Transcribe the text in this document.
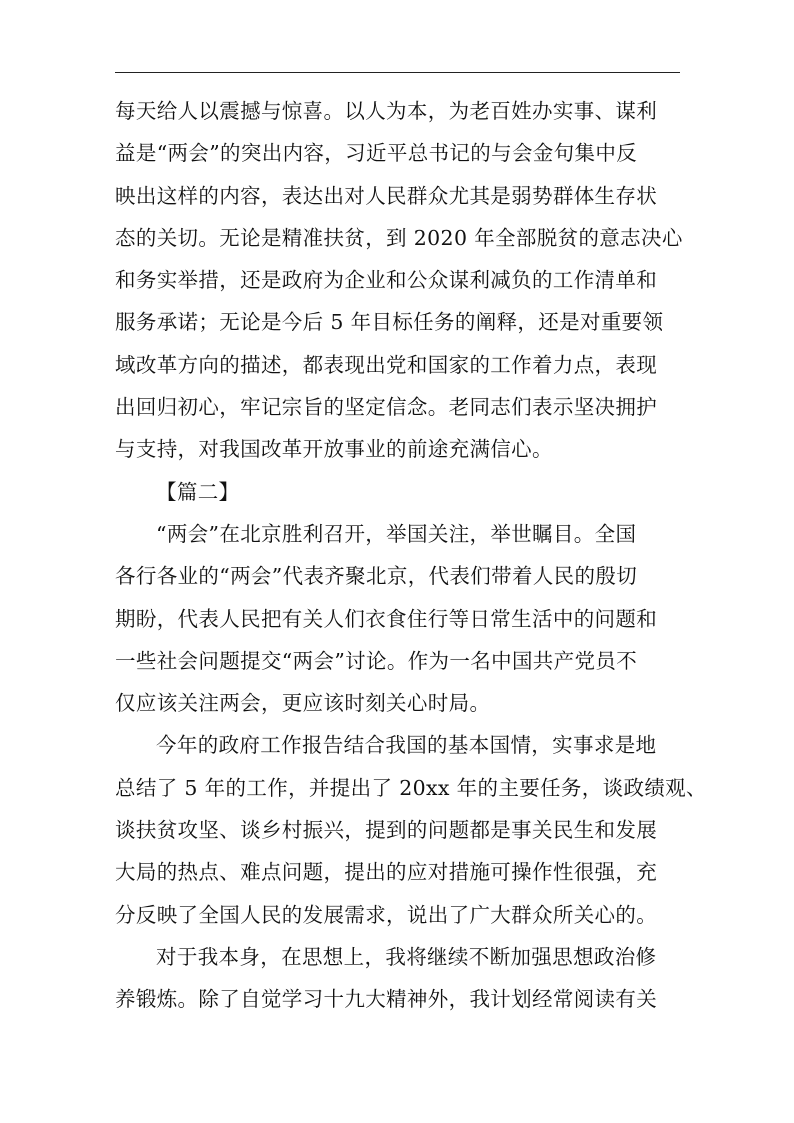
每天给人以震撼与惊喜。以人为本，为老百姓办实事、谋利
益是“两会”的突出内容，习近平总书记的与会金句集中反
映出这样的内容，表达出对人民群众尤其是弱势群体生存状
态的关切。无论是精准扶贫，到 2020 年全部脱贫的意志决心
和务实举措，还是政府为企业和公众谋利减负的工作清单和
服务承诺；无论是今后 5 年目标任务的阐释，还是对重要领
域改革方向的描述，都表现出党和国家的工作着力点，表现
出回归初心，牢记宗旨的坚定信念。老同志们表示坚决拥护
与支持，对我国改革开放事业的前途充满信心。
【篇二】
“两会”在北京胜利召开，举国关注，举世瞩目。全国
各行各业的“两会”代表齐聚北京，代表们带着人民的殷切
期盼，代表人民把有关人们衣食住行等日常生活中的问题和
一些社会问题提交“两会”讨论。作为一名中国共产党员不
仅应该关注两会，更应该时刻关心时局。
今年的政府工作报告结合我国的基本国情，实事求是地
总结了 5 年的工作，并提出了 20xx 年的主要任务，谈政绩观、
谈扶贫攻坚、谈乡村振兴，提到的问题都是事关民生和发展
大局的热点、难点问题，提出的应对措施可操作性很强，充
分反映了全国人民的发展需求，说出了广大群众所关心的。
对于我本身，在思想上，我将继续不断加强思想政治修
养锻炼。除了自觉学习十九大精神外，我计划经常阅读有关
